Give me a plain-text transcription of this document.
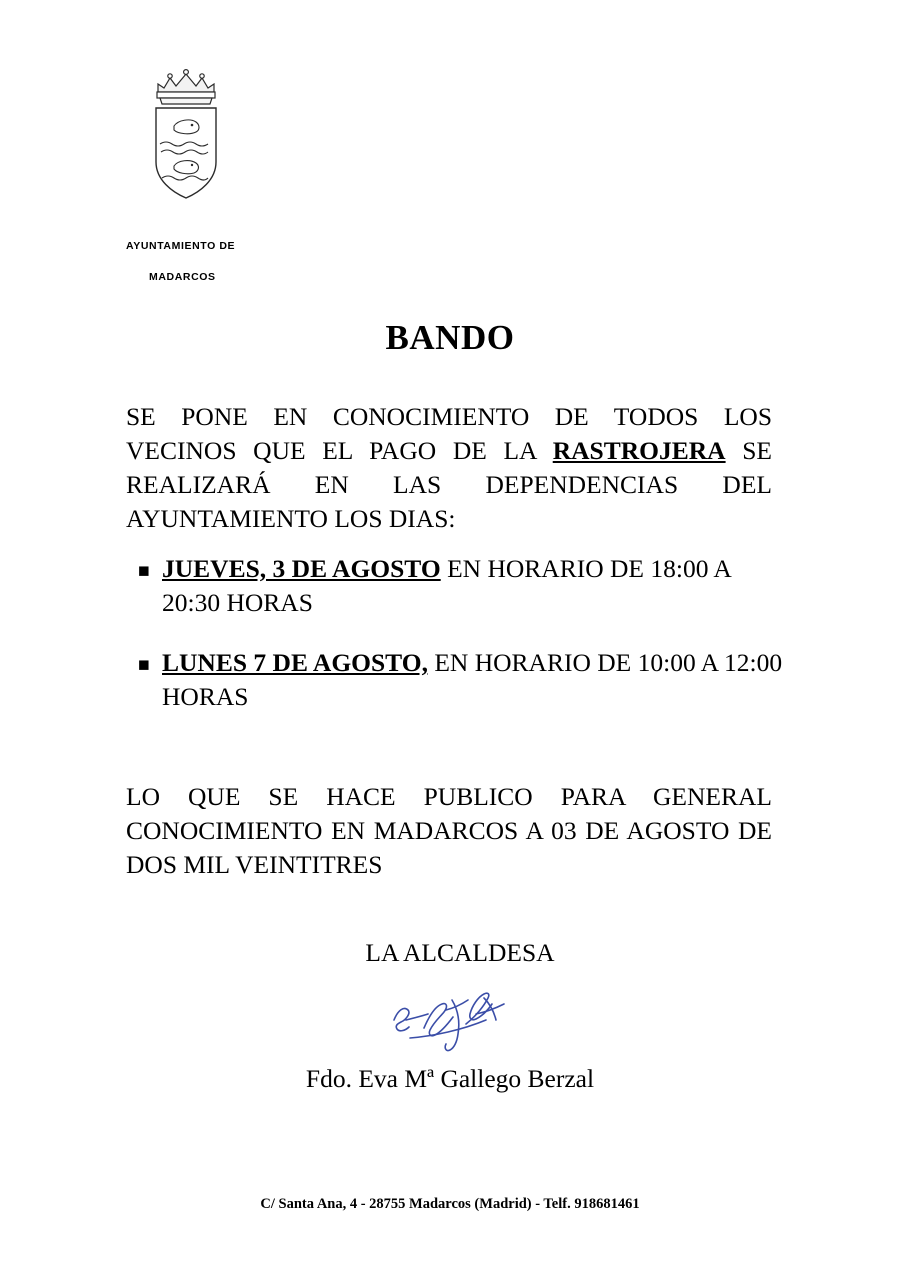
AYUNTAMIENTO DE
MADARCOS
BANDO

SE PONE EN CONOCIMIENTO DE TODOS LOS VECINOS QUE EL PAGO DE LA RASTROJERA SE REALIZARÁ EN LAS DEPENDENCIAS DEL AYUNTAMIENTO LOS DIAS:

▪ JUEVES, 3 DE AGOSTO EN HORARIO DE 18:00 A 20:30 HORAS
▪ LUNES 7 DE AGOSTO, EN HORARIO DE 10:00 A 12:00 HORAS

LO QUE SE HACE PUBLICO PARA GENERAL CONOCIMIENTO EN MADARCOS A 03 DE AGOSTO DE DOS MIL VEINTITRES

LA ALCALDESA
Fdo. Eva Mª Gallego Berzal
C/ Santa Ana, 4 - 28755 Madarcos (Madrid) - Telf. 918681461
